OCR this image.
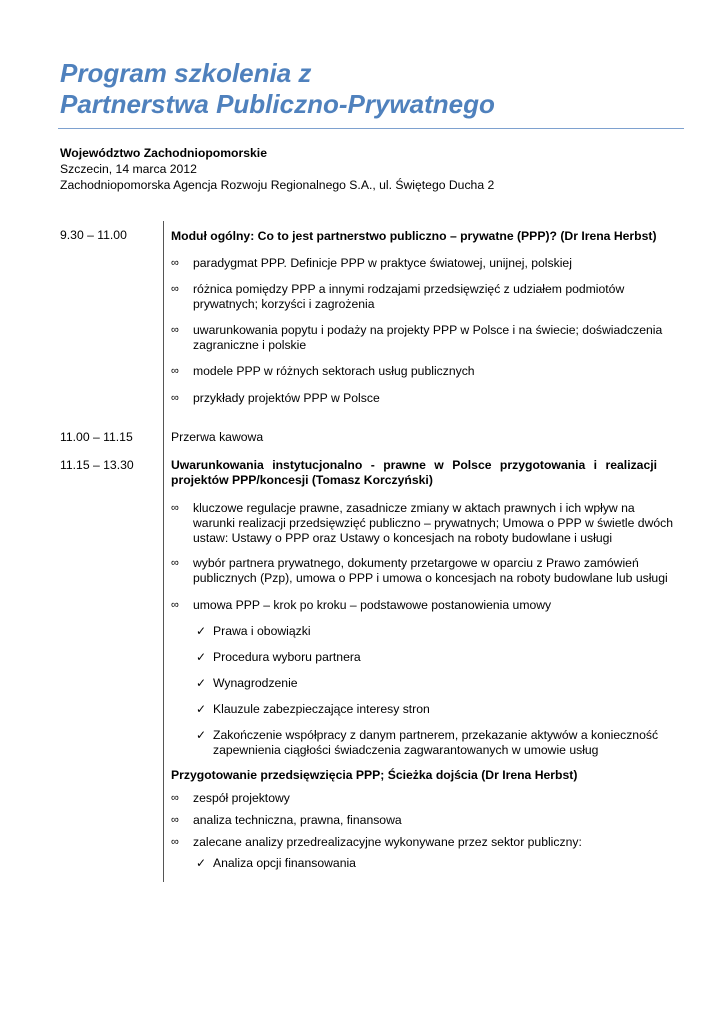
Program szkolenia z
Partnerstwa Publiczno-Prywatnego
Województwo Zachodniopomorskie
Szczecin, 14 marca 2012
Zachodniopomorska Agencja Rozwoju Regionalnego S.A., ul. Świętego Ducha 2
9.30 – 11.00	Moduł ogólny: Co to jest partnerstwo publiczno – prywatne (PPP)? (Dr Irena Herbst)
∞	paradygmat PPP. Definicje PPP w praktyce światowej, unijnej, polskiej
∞	różnica pomiędzy PPP a innymi rodzajami przedsięwzięć z udziałem podmiotów prywatnych; korzyści i zagrożenia
∞	uwarunkowania popytu i podaży na projekty PPP w Polsce i na świecie; doświadczenia zagraniczne i polskie
∞	modele PPP w różnych sektorach usług publicznych
∞	przykłady projektów PPP w Polsce
11.00 – 11.15	Przerwa kawowa
11.15 – 13.30	Uwarunkowania instytucjonalno - prawne w Polsce przygotowania i realizacji projektów PPP/koncesji (Tomasz Korczyński)
∞	kluczowe regulacje prawne, zasadnicze zmiany w aktach prawnych i ich wpływ na warunki realizacji przedsięwzięć publiczno – prywatnych; Umowa o PPP w świetle dwóch ustaw: Ustawy o PPP oraz Ustawy o koncesjach na roboty budowlane i usługi
∞	wybór partnera prywatnego, dokumenty przetargowe w oparciu z Prawo zamówień publicznych (Pzp), umowa o PPP i umowa o koncesjach na roboty budowlane lub usługi
∞	umowa PPP – krok po kroku – podstawowe postanowienia umowy
✓ Prawa i obowiązki
✓ Procedura wyboru partnera
✓ Wynagrodzenie
✓ Klauzule zabezpieczające interesy stron
✓ Zakończenie współpracy z danym partnerem, przekazanie aktywów a konieczność zapewnienia ciągłości świadczenia zagwarantowanych w umowie usług
Przygotowanie przedsięwzięcia PPP; Ścieżka dojścia (Dr Irena Herbst)
∞	zespół projektowy
∞	analiza techniczna, prawna, finansowa
∞	zalecane analizy przedrealizacyjne wykonywane przez sektor publiczny:
✓ Analiza opcji finansowania
